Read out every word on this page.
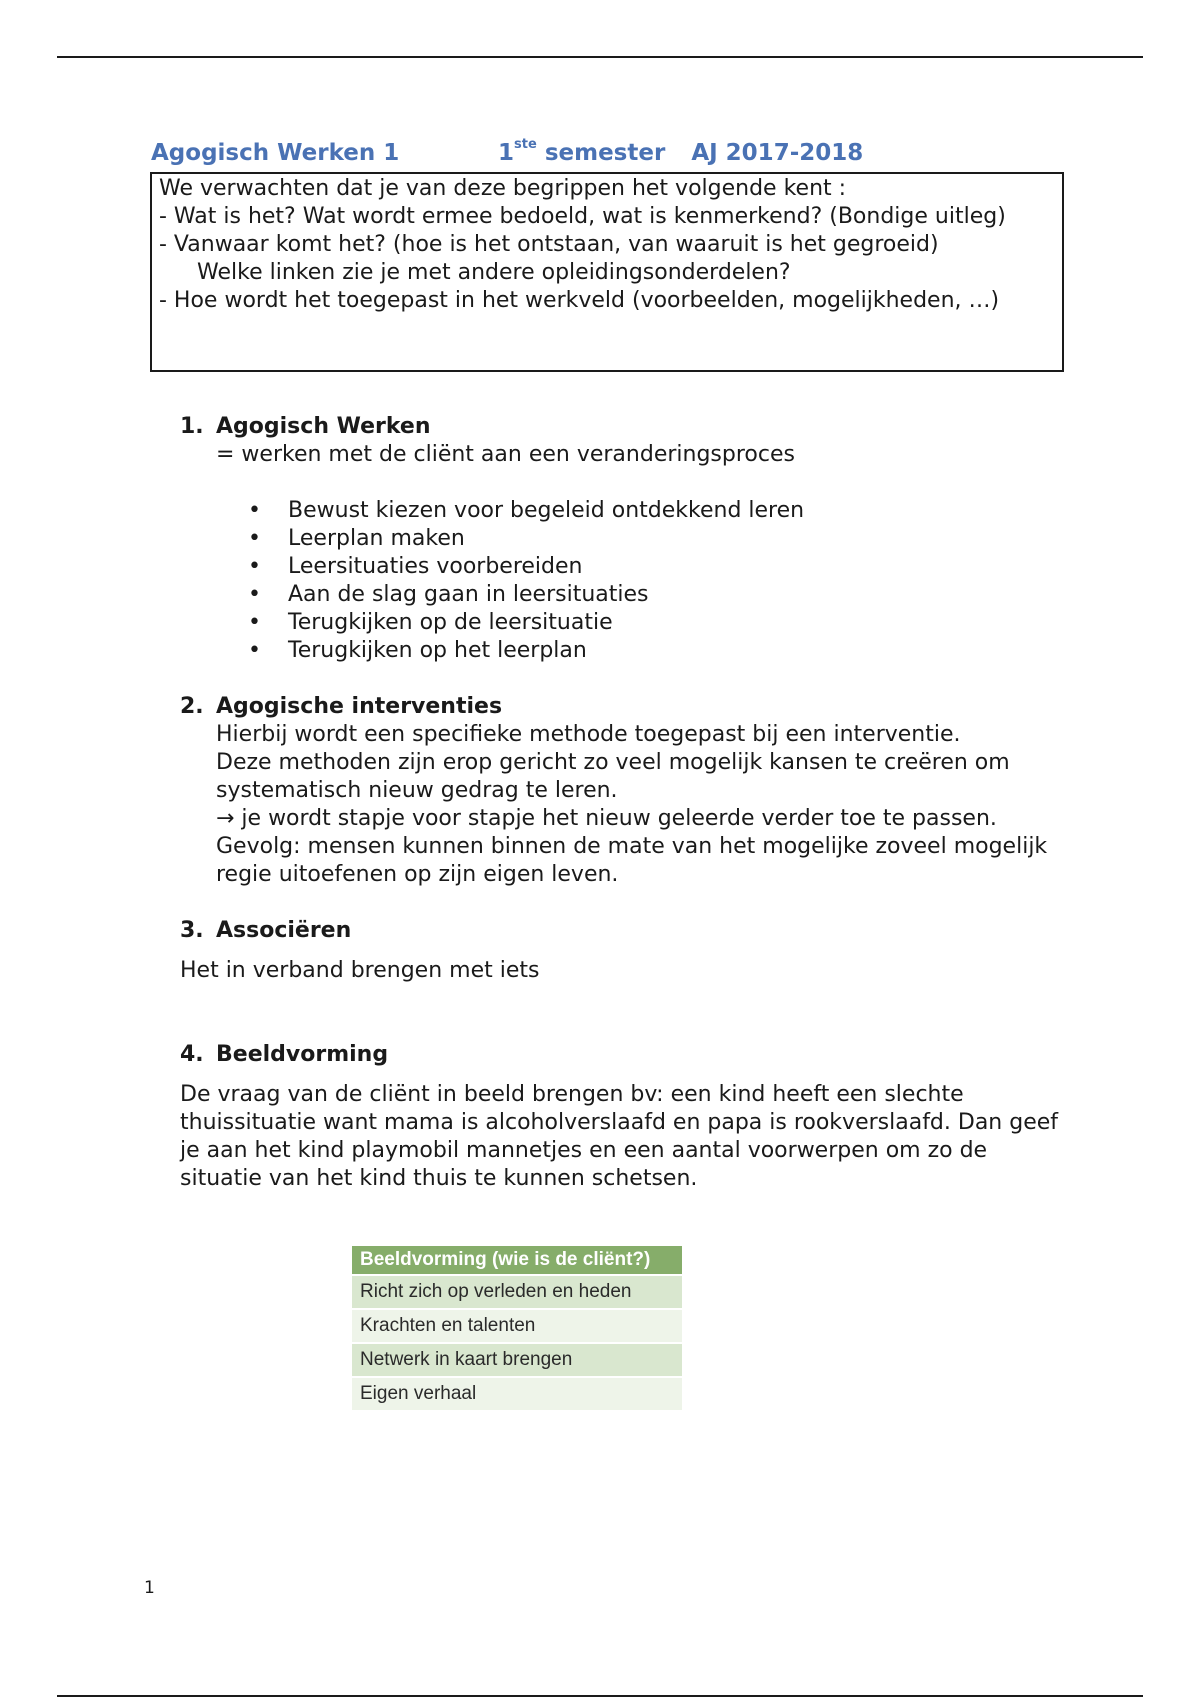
Agogisch Werken 1	1ste semester AJ 2017-2018

We verwachten dat je van deze begrippen het volgende kent :

- Wat is het? Wat wordt ermee bedoeld, wat is kenmerkend? (Bondige uitleg)

- Vanwaar komt het? (hoe is het ontstaan, van waaruit is het gegroeid)

Welke linken zie je met andere opleidingsonderdelen?

- Hoe wordt het toegepast in het werkveld (voorbeelden, mogelijkheden, …)

1. Agogisch Werken

= werken met de cliënt aan een veranderingsproces

• Bewust kiezen voor begeleid ontdekkend leren
• Leerplan maken
• Leersituaties voorbereiden
• Aan de slag gaan in leersituaties
• Terugkijken op de leersituatie
• Terugkijken op het leerplan

2. Agogische interventies

Hierbij wordt een specifieke methode toegepast bij een interventie.

Deze methoden zijn erop gericht zo veel mogelijk kansen te creëren om systematisch nieuw gedrag te leren.

→ je wordt stapje voor stapje het nieuw geleerde verder toe te passen.

Gevolg: mensen kunnen binnen de mate van het mogelijke zoveel mogelijk regie uitoefenen op zijn eigen leven.

3. Associëren

Het in verband brengen met iets

4. Beeldvorming

De vraag van de cliënt in beeld brengen bv: een kind heeft een slechte thuissituatie want mama is alcoholverslaafd en papa is rookverslaafd. Dan geef je aan het kind playmobil mannetjes en een aantal voorwerpen om zo de situatie van het kind thuis te kunnen schetsen.

Beeldvorming (wie is de cliënt?)
Richt zich op verleden en heden
Krachten en talenten
Netwerk in kaart brengen
Eigen verhaal
1
